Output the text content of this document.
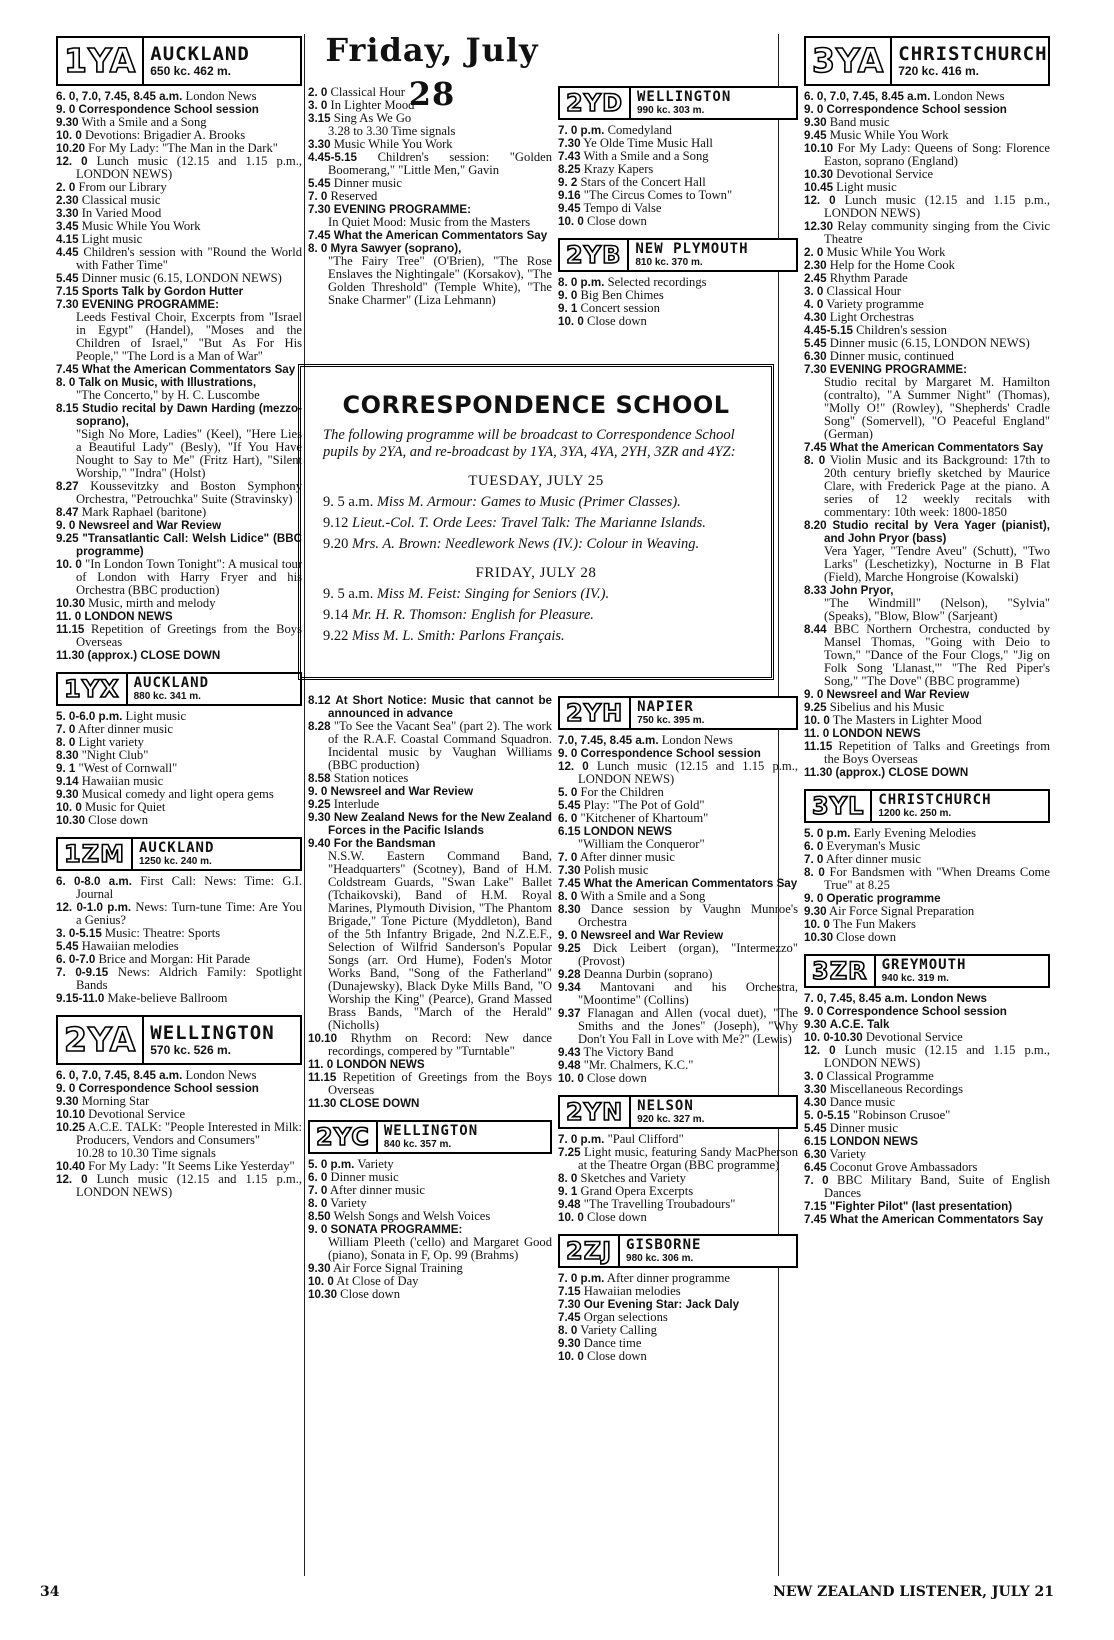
Friday, July 28
1YA AUCKLAND
650 kc. 462 m.
6. 0, 7.0, 7.45, 8.45 a.m. London News
9. 0 Correspondence School session
9.30 With a Smile and a Song
10. 0 Devotions: Brigadier A. Brooks
10.20 For My Lady: "The Man in the Dark"
12. 0 Lunch music (12.15 and 1.15 p.m., LONDON NEWS)
2. 0 From our Library
2.30 Classical music
3.30 In Varied Mood
3.45 Music While You Work
4.15 Light music
4.45 Children's session with "Round the World with Father Time"
5.45 Dinner music (6.15, LONDON NEWS)
7.15 Sports Talk by Gordon Hutter
7.30 EVENING PROGRAMME:
Leeds Festival Choir, Excerpts from "Israel in Egypt" (Handel), "Moses and the Children of Israel," "But As For His People," "The Lord is a Man of War"
7.45 What the American Commentators Say
8. 0 Talk on Music, with Illustrations,
"The Concerto," by H. C. Luscombe
8.15 Studio recital by Dawn Harding (mezzo-soprano),
"Sigh No More, Ladies" (Keel), "Here Lies a Beautiful Lady" (Besly), "If You Have Nought to Say to Me" (Fritz Hart), "Silent Worship," "Indra" (Holst)
8.27 Koussevitzky and Boston Symphony Orchestra, "Petrouchka" Suite (Stravinsky)
8.47 Mark Raphael (baritone)
9. 0 Newsreel and War Review
9.25 "Transatlantic Call: Welsh Lidice" (BBC programme)
10. 0 "In London Town Tonight": A musical tour of London with Harry Fryer and his Orchestra (BBC production)
10.30 Music, mirth and melody
11. 0 LONDON NEWS
11.15 Repetition of Greetings from the Boys Overseas
11.30 (approx.) CLOSE DOWN
1YX	AUCKLAND
880 kc. 341 m.
5. 0-6.0 p.m. Light music
7. 0 After dinner music
8. 0 Light variety
8.30 "Night Club"
9. 1 "West of Cornwall"
9.14 Hawaiian music
9.30 Musical comedy and light opera gems
10. 0 Music for Quiet
10.30 Close down
1ZM	AUCKLAND
1250 kc. 240 m.
6. 0-8.0 a.m. First Call: News: Time: G.I. Journal
12. 0-1.0 p.m. News: Turn-tune Time: Are You a Genius?
3. 0-5.15 Music: Theatre: Sports
5.45 Hawaiian melodies
6. 0-7.0 Brice and Morgan: Hit Parade
7. 0-9.15 News: Aldrich Family: Spotlight Bands
9.15-11.0 Make-believe Ballroom
2YA WELLINGTON
570 kc. 526 m.
6. 0, 7.0, 7.45, 8.45 a.m. London News
9. 0 Correspondence School session
9.30 Morning Star
10.10 Devotional Service
10.25 A.C.E. TALK: "People Interested in Milk: Producers, Vendors and Consumers"
10.28 to 10.30 Time signals
10.40 For My Lady: "It Seems Like Yesterday"
12. 0 Lunch music (12.15 and 1.15 p.m., LONDON NEWS)
2. 0 Classical Hour
3. 0 In Lighter Mood
3.15 Sing As We Go
3.28 to 3.30 Time signals
3.30 Music While You Work
4.45-5.15 Children's session: "Golden Boomerang," "Little Men," Gavin
5.45 Dinner music
7. 0 Reserved
7.30 EVENING PROGRAMME:
In Quiet Mood: Music from the Masters
7.45 What the American Commentators Say
8. 0 Myra Sawyer (soprano),
"The Fairy Tree" (O'Brien), "The Rose Enslaves the Nightingale" (Korsakov), "The Golden Threshold" (Temple White), "The Snake Charmer" (Liza Lehmann)
2YD	WELLINGTON
990 kc. 303 m.
7. 0 p.m. Comedyland
7.30 Ye Olde Time Music Hall
7.43 With a Smile and a Song
8.25 Krazy Kapers
9. 2 Stars of the Concert Hall
9.16 "The Circus Comes to Town"
9.45 Tempo di Valse
10. 0 Close down
2YB	NEW PLYMOUTH
810 kc. 370 m.
8. 0 p.m. Selected recordings
9. 0 Big Ben Chimes
9. 1 Concert session
10. 0 Close down
CORRESPONDENCE SCHOOL
The following programme will be broadcast to Correspondence School pupils by 2YA, and re-broadcast by 1YA, 3YA, 4YA, 2YH, 3ZR and 4YZ:
TUESDAY, JULY 25
9. 5 a.m. Miss M. Armour: Games to Music (Primer Classes).
9.12 Lieut.-Col. T. Orde Lees: Travel Talk: The Marianne Islands.
9.20 Mrs. A. Brown: Needlework News (IV.): Colour in Weaving.
FRIDAY, JULY 28
9. 5 a.m. Miss M. Feist: Singing for Seniors (IV.).
9.14 Mr. H. R. Thomson: English for Pleasure.
9.22 Miss M. L. Smith: Parlons Français.
8.12 At Short Notice: Music that cannot be announced in advance
8.28 "To See the Vacant Sea" (part 2). The work of the R.A.F. Coastal Command Squadron. Incidental music by Vaughan Williams (BBC production)
8.58 Station notices
9. 0 Newsreel and War Review
9.25 Interlude
9.30 New Zealand News for the New Zealand Forces in the Pacific Islands
9.40 For the Bandsman
N.S.W. Eastern Command Band, "Headquarters" (Scotney), Band of H.M. Coldstream Guards, "Swan Lake" Ballet (Tchaikovski), Band of H.M. Royal Marines, Plymouth Division, "The Phantom Brigade," Tone Picture (Myddleton), Band of the 5th Infantry Brigade, 2nd N.Z.E.F., Selection of Wilfrid Sanderson's Popular Songs (arr. Ord Hume), Foden's Motor Works Band, "Song of the Fatherland" (Dunajewsky), Black Dyke Mills Band, "O Worship the King" (Pearce), Grand Massed Brass Bands, "March of the Herald" (Nicholls)
10.10 Rhythm on Record: New dance recordings, compered by "Turntable"
11. 0 LONDON NEWS
11.15 Repetition of Greetings from the Boys Overseas
11.30 CLOSE DOWN
2YC	WELLINGTON
840 kc. 357 m.
5. 0 p.m. Variety
6. 0 Dinner music
7. 0 After dinner music
8. 0 Variety
8.50 Welsh Songs and Welsh Voices
9. 0 SONATA PROGRAMME:
William Pleeth ('cello) and Margaret Good (piano), Sonata in F, Op. 99 (Brahms)
9.30 Air Force Signal Training
10. 0 At Close of Day
10.30 Close down
2YH	NAPIER
750 kc. 395 m.
7.0, 7.45, 8.45 a.m. London News
9. 0 Correspondence School session
12. 0 Lunch music (12.15 and 1.15 p.m., LONDON NEWS)
5. 0 For the Children
5.45 Play: "The Pot of Gold"
6. 0 "Kitchener of Khartoum"
6.15 LONDON NEWS
"William the Conqueror"
7. 0 After dinner music
7.30 Polish music
7.45 What the American Commentators Say
8. 0 With a Smile and a Song
8.30 Dance session by Vaughn Munroe's Orchestra
9. 0 Newsreel and War Review
9.25 Dick Leibert (organ), "Intermezzo" (Provost)
9.28 Deanna Durbin (soprano)
9.34 Mantovani and his Orchestra, "Moontime" (Collins)
9.37 Flanagan and Allen (vocal duet), "The Smiths and the Jones" (Joseph), "Why Don't You Fall in Love with Me?" (Lewis)
9.43 The Victory Band
9.48 "Mr. Chalmers, K.C."
10. 0 Close down
2YN	NELSON
920 kc. 327 m.
7. 0 p.m. "Paul Clifford"
7.25 Light music, featuring Sandy MacPherson at the Theatre Organ (BBC programme)
8. 0 Sketches and Variety
9. 1 Grand Opera Excerpts
9.48 "The Travelling Troubadours"
10. 0 Close down
2ZJ	GISBORNE
980 kc. 306 m.
7. 0 p.m. After dinner programme
7.15 Hawaiian melodies
7.30 Our Evening Star: Jack Daly
7.45 Organ selections
8. 0 Variety Calling
9.30 Dance time
10. 0 Close down
3YA CHRISTCHURCH
720 kc. 416 m.
6. 0, 7.0, 7.45, 8.45 a.m. London News
9. 0 Correspondence School session
9.30 Band music
9.45 Music While You Work
10.10 For My Lady: Queens of Song: Florence Easton, soprano (England)
10.30 Devotional Service
10.45 Light music
12. 0 Lunch music (12.15 and 1.15 p.m., LONDON NEWS)
12.30 Relay community singing from the Civic Theatre
2. 0 Music While You Work
2.30 Help for the Home Cook
2.45 Rhythm Parade
3. 0 Classical Hour
4. 0 Variety programme
4.30 Light Orchestras
4.45-5.15 Children's session
5.45 Dinner music (6.15, LONDON NEWS)
6.30 Dinner music, continued
7.30 EVENING PROGRAMME:
Studio recital by Margaret M. Hamilton (contralto), "A Summer Night" (Thomas), "Molly O!" (Rowley), "Shepherds' Cradle Song" (Somervell), "O Peaceful England" (German)
7.45 What the American Commentators Say
8. 0 Violin Music and its Background: 17th to 20th century briefly sketched by Maurice Clare, with Frederick Page at the piano. A series of 12 weekly recitals with commentary: 10th week: 1800-1850
8.20 Studio recital by Vera Yager (pianist), and John Pryor (bass)
Vera Yager, "Tendre Aveu" (Schutt), "Two Larks" (Leschetizky), Nocturne in B Flat (Field), Marche Hongroise (Kowalski)
8.33 John Pryor,
"The Windmill" (Nelson), "Sylvia" (Speaks), "Blow, Blow" (Sarjeant)
8.44 BBC Northern Orchestra, conducted by Mansel Thomas, "Going with Deio to Town," "Dance of the Four Clogs," "Jig on Folk Song 'Llanast,'" "The Red Piper's Song," "The Dove" (BBC programme)
9. 0 Newsreel and War Review
9.25 Sibelius and his Music
10. 0 The Masters in Lighter Mood
11. 0 LONDON NEWS
11.15 Repetition of Talks and Greetings from the Boys Overseas
11.30 (approx.) CLOSE DOWN
3YL	CHRISTCHURCH
1200 kc. 250 m.
5. 0 p.m. Early Evening Melodies
6. 0 Everyman's Music
7. 0 After dinner music
8. 0 For Bandsmen with "When Dreams Come True" at 8.25
9. 0 Operatic programme
9.30 Air Force Signal Preparation
10. 0 The Fun Makers
10.30 Close down
3ZR	GREYMOUTH
940 kc. 319 m.
7. 0, 7.45, 8.45 a.m. London News
9. 0 Correspondence School session
9.30 A.C.E. Talk
10. 0-10.30 Devotional Service
12. 0 Lunch music (12.15 and 1.15 p.m., LONDON NEWS)
3. 0 Classical Programme
3.30 Miscellaneous Recordings
4.30 Dance music
5. 0-5.15 "Robinson Crusoe"
5.45 Dinner music
6.15 LONDON NEWS
6.30 Variety
6.45 Coconut Grove Ambassadors
7. 0 BBC Military Band, Suite of English Dances
7.15 "Fighter Pilot" (last presentation)
7.45 What the American Commentators Say
34	NEW ZEALAND LISTENER, JULY 21
